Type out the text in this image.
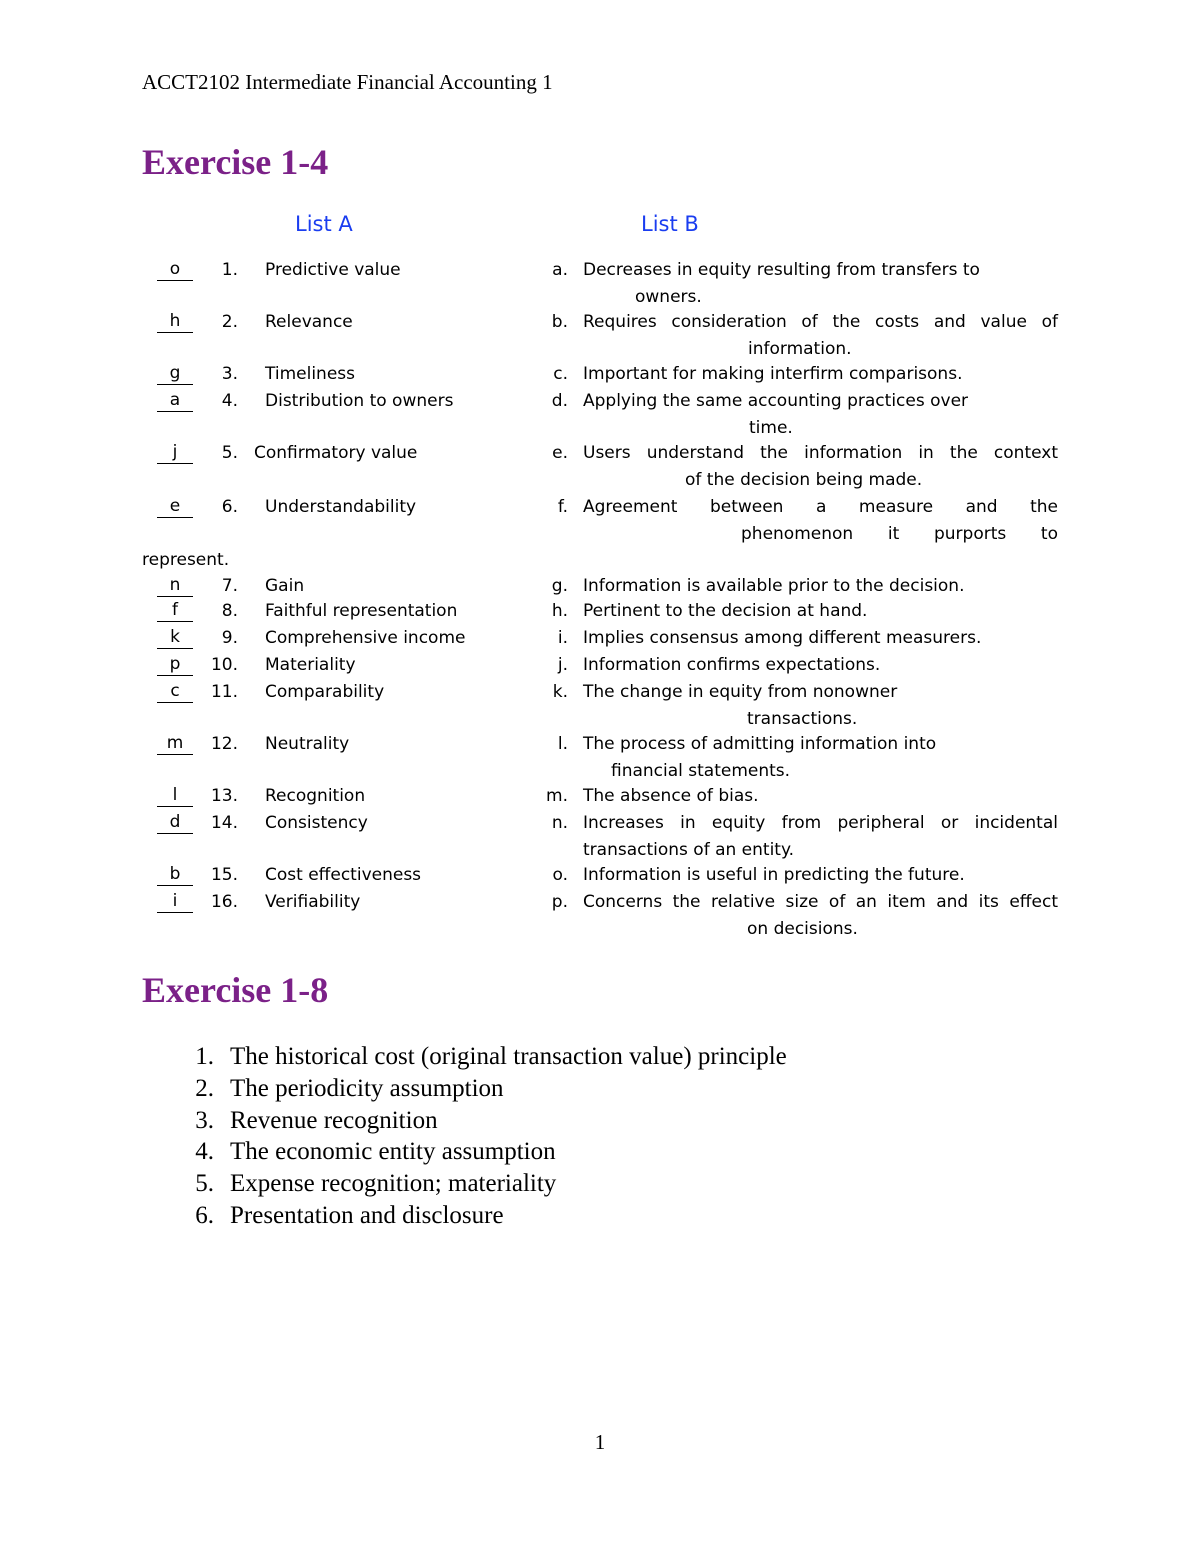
ACCT2102 Intermediate Financial Accounting 1
Exercise 1-4
List A	List B
o	1. Predictive value	a. Decreases in equity resulting from transfers to
owners.
h	2. Relevance	b. Requires consideration of the costs and value of
information.
g	3. Timeliness	c. Important for making interfirm comparisons.
a	4. Distribution to owners	d. Applying the same accounting practices over
time.
j	5. Confirmatory value	e. Users understand the information in the context
of the decision being made.
e	6. Understandability	f. Agreement between a measure and the
phenomenon it purports to
represent.
n	7. Gain	g. Information is available prior to the decision.
f	8. Faithful representation	h. Pertinent to the decision at hand.
k	9. Comprehensive income	i. Implies consensus among different measurers.
p	10. Materiality	j. Information confirms expectations.
c	11. Comparability	k. The change in equity from nonowner
transactions.
m	12. Neutrality	l. The process of admitting information into
financial statements.
l	13. Recognition	m. The absence of bias.
d	14. Consistency	n. Increases in equity from peripheral or incidental
transactions of an entity.
b	15. Cost effectiveness	o. Information is useful in predicting the future.
i	16. Verifiability	p. Concerns the relative size of an item and its effect
on decisions.
Exercise 1-8
1. The historical cost (original transaction value) principle
2. The periodicity assumption
3. Revenue recognition
4. The economic entity assumption
5. Expense recognition; materiality
6. Presentation and disclosure
1
